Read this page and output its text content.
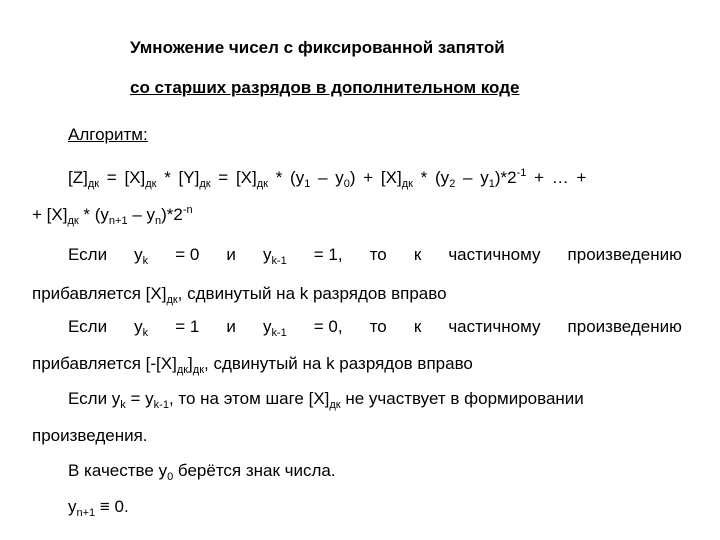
Умножение чисел с фиксированной запятой
со старших разрядов в дополнительном коде
Алгоритм:
$[Z]_{дк} = [X]_{дк} * [Y]_{дк} = [X]_{дк} * (y_1 - y_0) + [X]_{дк} * (y_2 - y_1)*2^{-1}$ + … +
+ $[X]_{дк} * (y_{n+1} - y_n)*2^{-n}$
Если $y_k = 0$ и $y_{k-1} = 1$, то к частичному произведению
прибавляется $[X]_{дк}$, сдвинутый на k разрядов вправо
Если $y_k = 1$ и $y_{k-1} = 0$, то к частичному произведению
прибавляется $[-[X]_{дк}]_{дк}$, сдвинутый на k разрядов вправо
Если $y_k = y_{k-1}$, то на этом шаге $[X]_{дк}$ не участвует в формировании
произведения.
В качестве $y_0$ берётся знак числа.
$y_{n+1} \equiv 0$.
